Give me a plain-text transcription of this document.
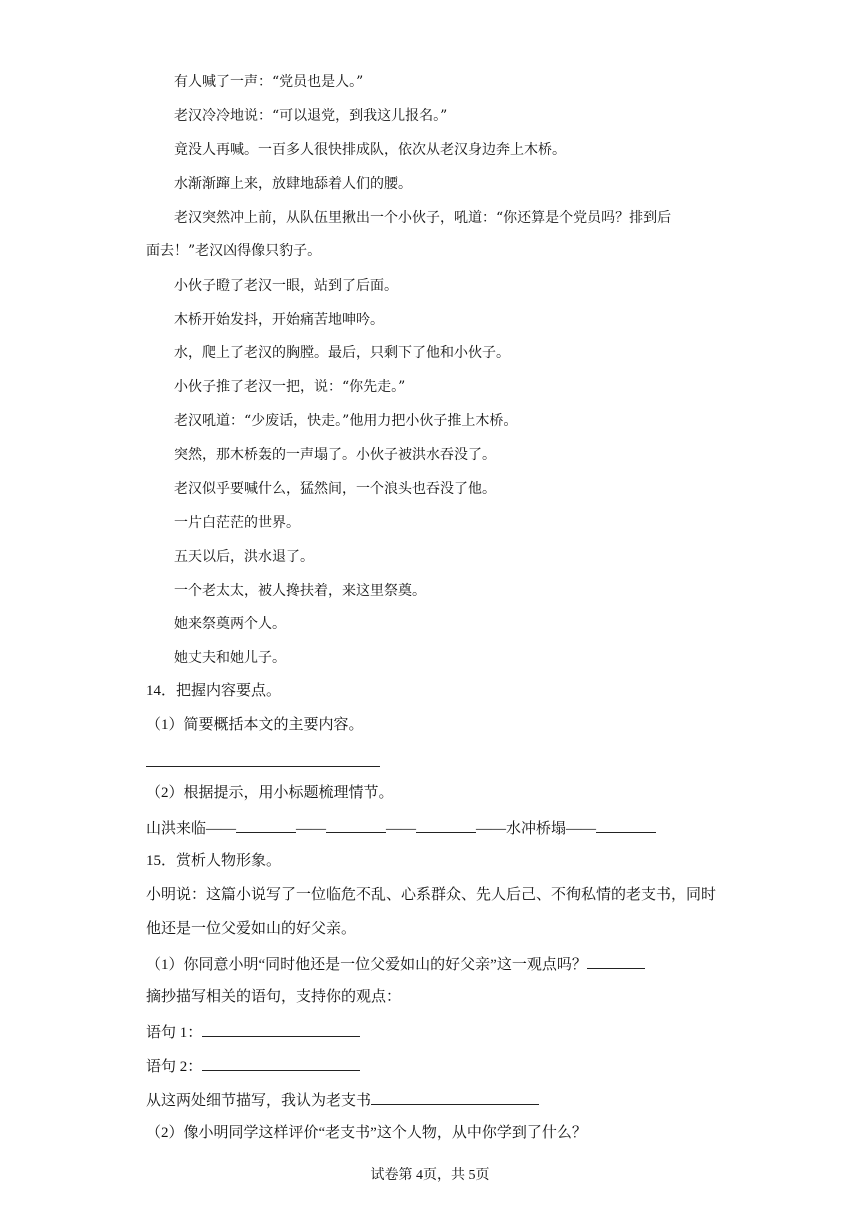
有人喊了一声：“党员也是人。”
老汉冷冷地说：“可以退党，到我这儿报名。”
竟没人再喊。一百多人很快排成队，依次从老汉身边奔上木桥。
水渐渐蹿上来，放肆地舔着人们的腰。
老汉突然冲上前，从队伍里揪出一个小伙子，吼道：“你还算是个党员吗？排到后
面去！”老汉凶得像只豹子。
小伙子瞪了老汉一眼，站到了后面。
木桥开始发抖，开始痛苦地呻吟。
水，爬上了老汉的胸膛。最后，只剩下了他和小伙子。
小伙子推了老汉一把，说：“你先走。”
老汉吼道：“少废话，快走。”他用力把小伙子推上木桥。
突然，那木桥轰的一声塌了。小伙子被洪水吞没了。
老汉似乎要喊什么，猛然间，一个浪头也吞没了他。
一片白茫茫的世界。
五天以后，洪水退了。
一个老太太，被人搀扶着，来这里祭奠。
她来祭奠两个人。
她丈夫和她儿子。
14．把握内容要点。
（1）简要概括本文的主要内容。
（2）根据提示，用小标题梳理情节。
山洪来临——	——	——	——水冲桥塌——
15．赏析人物形象。
小明说：这篇小说写了一位临危不乱、心系群众、先人后己、不徇私情的老支书，同时
他还是一位父爱如山的好父亲。
（1）你同意小明“同时他还是一位父爱如山的好父亲”这一观点吗？
摘抄描写相关的语句，支持你的观点：
语句 1：
语句 2：
从这两处细节描写，我认为老支书
（2）像小明同学这样评价“老支书”这个人物，从中你学到了什么？
试卷第 4页，共 5页
